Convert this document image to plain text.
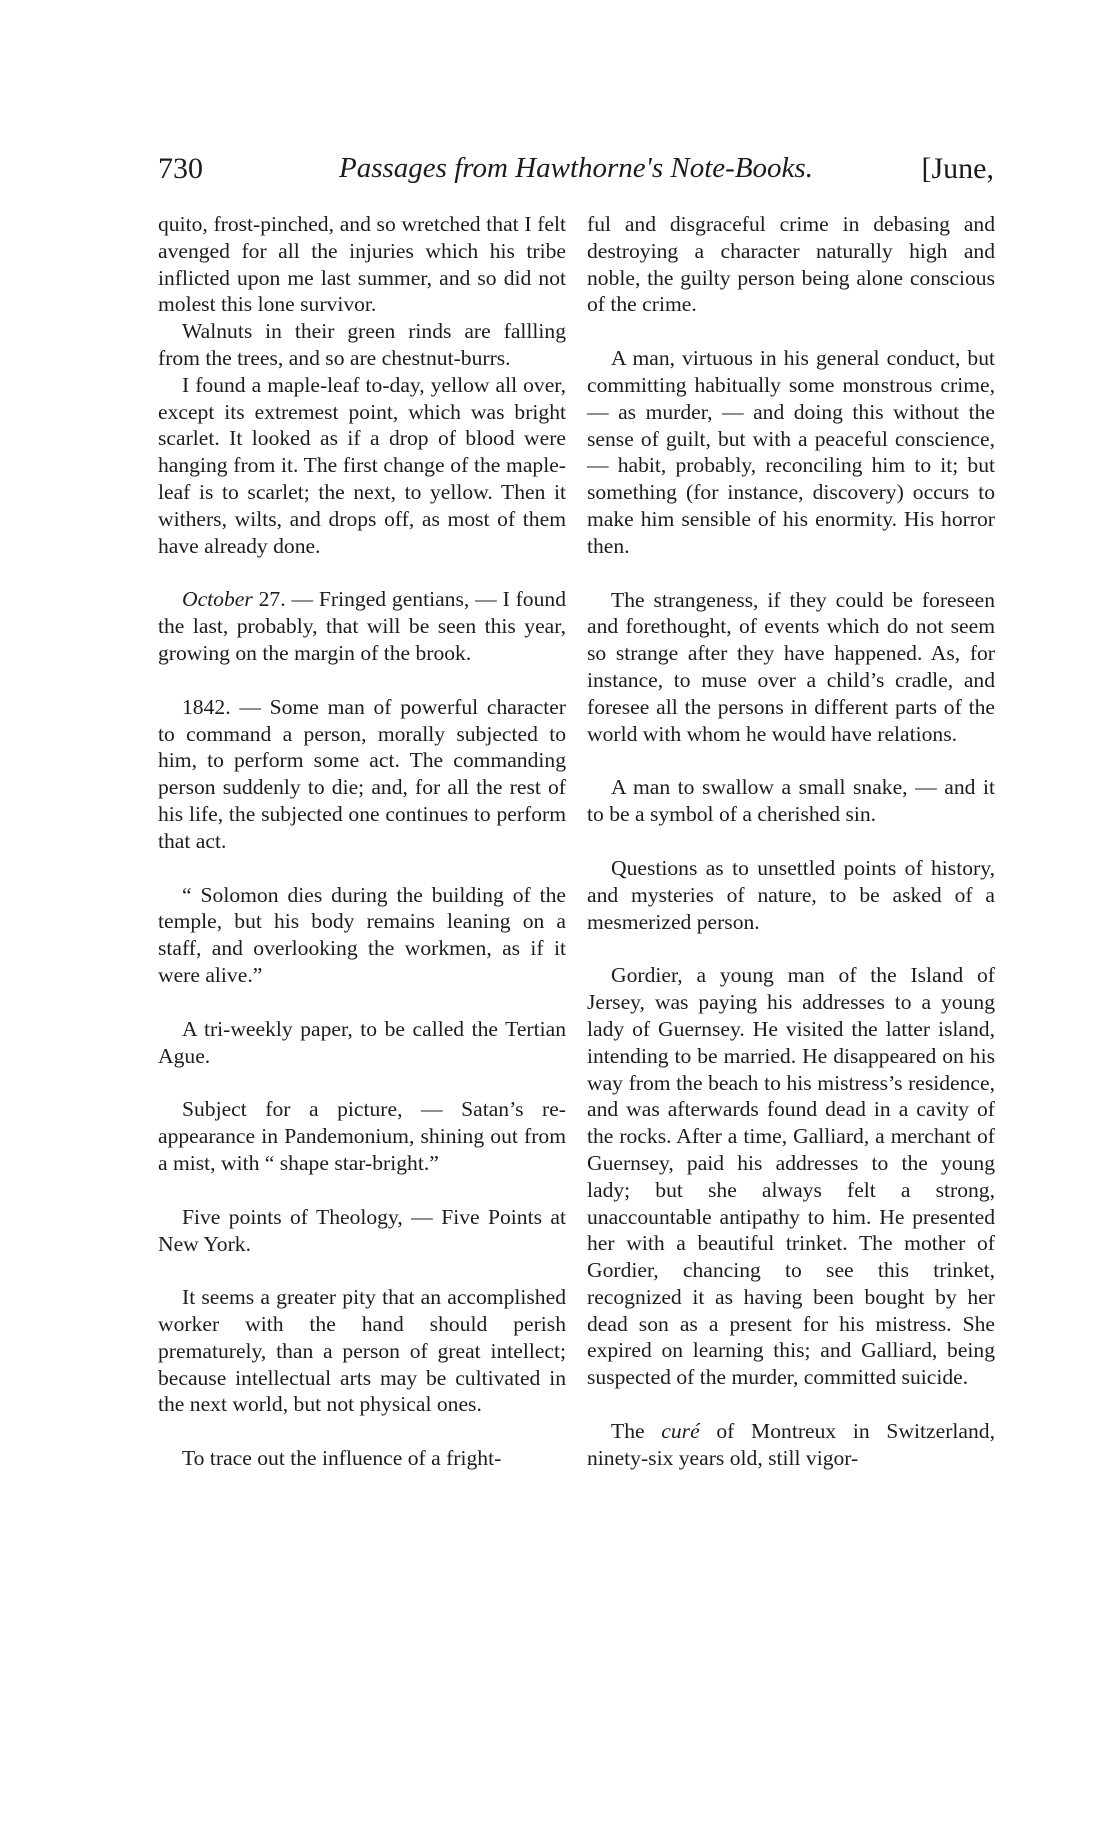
730	Passages from Hawthorne's Note-Books.	[June,

quito, frost-pinched, and so wretched that I felt avenged for all the injuries which his tribe inflicted upon me last summer, and so did not molest this lone survivor.

Walnuts in their green rinds are fallling from the trees, and so are chestnut-burrs.

I found a maple-leaf to-day, yellow all over, except its extremest point, which was bright scarlet. It looked as if a drop of blood were hanging from it. The first change of the maple-leaf is to scarlet; the next, to yellow. Then it withers, wilts, and drops off, as most of them have already done.

October 27. — Fringed gentians, — I found the last, probably, that will be seen this year, growing on the margin of the brook.

1842. — Some man of powerful character to command a person, morally subjected to him, to perform some act. The commanding person suddenly to die; and, for all the rest of his life, the subjected one continues to perform that act.

“ Solomon dies during the building of the temple, but his body remains leaning on a staff, and overlooking the workmen, as if it were alive.”

A tri-weekly paper, to be called the Tertian Ague.

Subject for a picture, — Satan’s reappearance in Pandemonium, shining out from a mist, with “ shape star-bright.”

Five points of Theology, — Five Points at New York.

It seems a greater pity that an accomplished worker with the hand should perish prematurely, than a person of great intellect; because intellectual arts may be cultivated in the next world, but not physical ones.

To trace out the influence of a fright-

ful and disgraceful crime in debasing and destroying a character naturally high and noble, the guilty person being alone conscious of the crime.

A man, virtuous in his general conduct, but committing habitually some monstrous crime, — as murder, — and doing this without the sense of guilt, but with a peaceful conscience, — habit, probably, reconciling him to it; but something (for instance, discovery) occurs to make him sensible of his enormity. His horror then.

The strangeness, if they could be foreseen and forethought, of events which do not seem so strange after they have happened. As, for instance, to muse over a child’s cradle, and foresee all the persons in different parts of the world with whom he would have relations.

A man to swallow a small snake, — and it to be a symbol of a cherished sin.

Questions as to unsettled points of history, and mysteries of nature, to be asked of a mesmerized person.

Gordier, a young man of the Island of Jersey, was paying his addresses to a young lady of Guernsey. He visited the latter island, intending to be married. He disappeared on his way from the beach to his mistress’s residence, and was afterwards found dead in a cavity of the rocks. After a time, Galliard, a merchant of Guernsey, paid his addresses to the young lady; but she always felt a strong, unaccountable antipathy to him. He presented her with a beautiful trinket. The mother of Gordier, chancing to see this trinket, recognized it as having been bought by her dead son as a present for his mistress. She expired on learning this; and Galliard, being suspected of the murder, committed suicide.

The curé of Montreux in Switzerland, ninety-six years old, still vigor-
